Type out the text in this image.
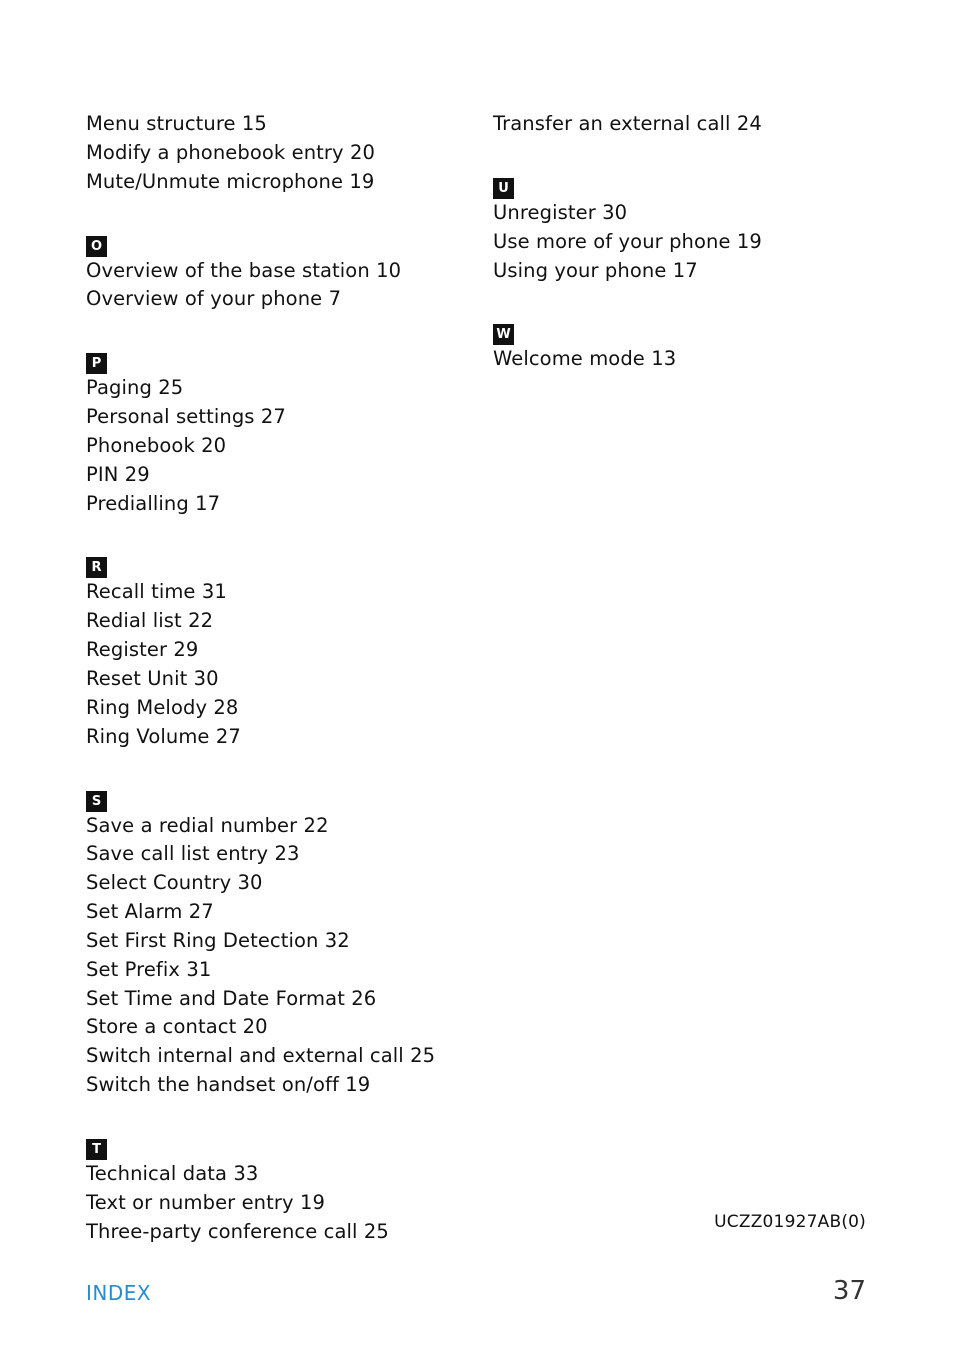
Menu structure 15
Modify a phonebook entry 20
Mute/Unmute microphone 19
O
Overview of the base station 10
Overview of your phone 7
P
Paging 25
Personal settings 27
Phonebook 20
PIN 29
Predialling 17
R
Recall time 31
Redial list 22
Register 29
Reset Unit 30
Ring Melody 28
Ring Volume 27
S
Save a redial number 22
Save call list entry 23
Select Country 30
Set Alarm 27
Set First Ring Detection 32
Set Prefix 31
Set Time and Date Format 26
Store a contact 20
Switch internal and external call 25
Switch the handset on/off 19
T
Technical data 33
Text or number entry 19
Three-party conference call 25
Transfer an external call 24
U
Unregister 30
Use more of your phone 19
Using your phone 17
W
Welcome mode 13
UCZZ01927AB(0)
INDEX	37
